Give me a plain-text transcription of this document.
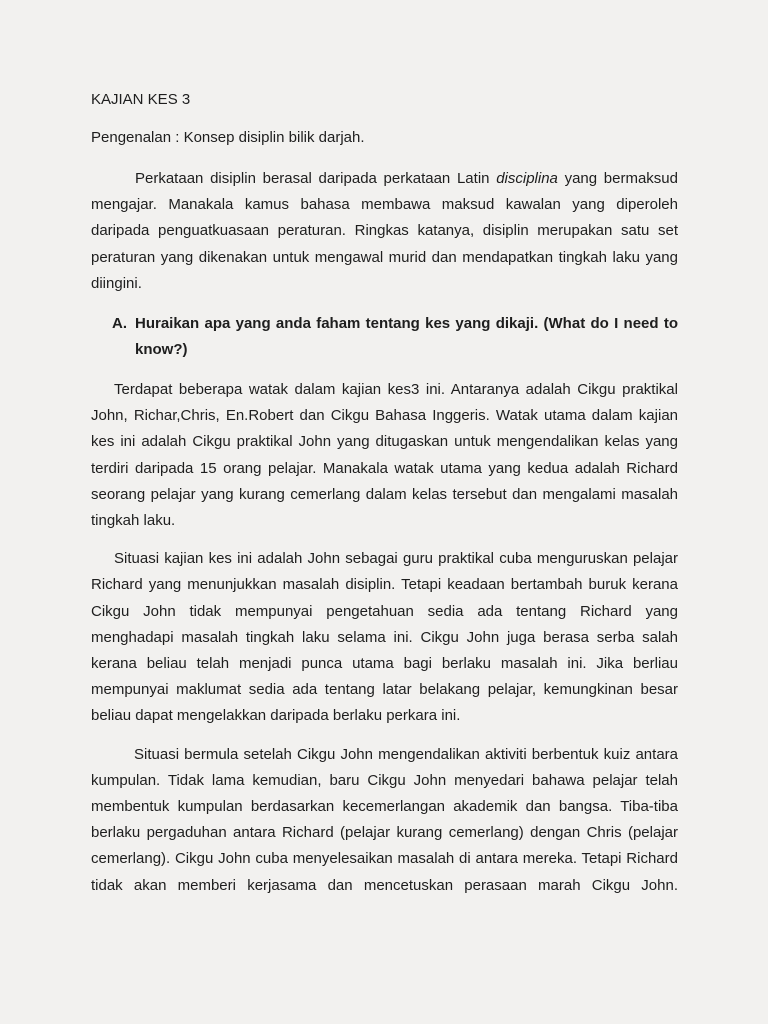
KAJIAN KES 3

Pengenalan : Konsep disiplin bilik darjah.

Perkataan disiplin berasal daripada perkataan Latin disciplina yang bermaksud mengajar. Manakala kamus bahasa membawa maksud kawalan yang diperoleh daripada penguatkuasaan peraturan. Ringkas katanya, disiplin merupakan satu set peraturan yang dikenakan untuk mengawal murid dan mendapatkan tingkah laku yang diingini.

A. Huraikan apa yang anda faham tentang kes yang dikaji. (What do I need to know?)

Terdapat beberapa watak dalam kajian kes3 ini. Antaranya adalah Cikgu praktikal John, Richar,Chris, En.Robert dan Cikgu Bahasa Inggeris. Watak utama dalam kajian kes ini adalah Cikgu praktikal John yang ditugaskan untuk mengendalikan kelas yang terdiri daripada 15 orang pelajar. Manakala watak utama yang kedua adalah Richard seorang pelajar yang kurang cemerlang dalam kelas tersebut dan mengalami masalah tingkah laku.

Situasi kajian kes ini adalah John sebagai guru praktikal cuba menguruskan pelajar Richard yang menunjukkan masalah disiplin. Tetapi keadaan bertambah buruk kerana Cikgu John tidak mempunyai pengetahuan sedia ada tentang Richard yang menghadapi masalah tingkah laku selama ini. Cikgu John juga berasa serba salah kerana beliau telah menjadi punca utama bagi berlaku masalah ini. Jika berliau mempunyai maklumat sedia ada tentang latar belakang pelajar, kemungkinan besar beliau dapat mengelakkan daripada berlaku perkara ini.

Situasi bermula setelah Cikgu John mengendalikan aktiviti berbentuk kuiz antara kumpulan. Tidak lama kemudian, baru Cikgu John menyedari bahawa pelajar telah membentuk kumpulan berdasarkan kecemerlangan akademik dan bangsa. Tiba-tiba berlaku pergaduhan antara Richard (pelajar kurang cemerlang) dengan Chris (pelajar cemerlang). Cikgu John cuba menyelesaikan masalah di antara mereka. Tetapi Richard tidak akan memberi kerjasama dan mencetuskan perasaan marah Cikgu John.
